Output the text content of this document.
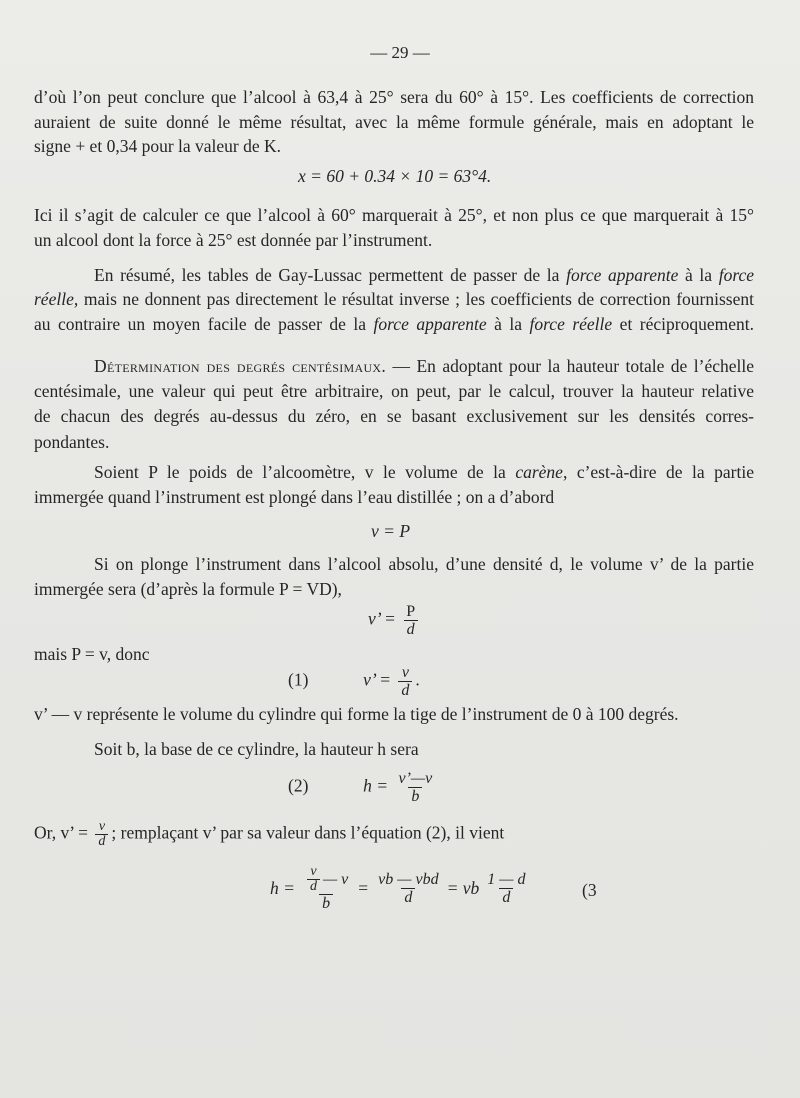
— 29 —
d’où l’on peut conclure que l’alcool à 63,4 à 25° sera du 60° à 15°. Les coefficients de correction
auraient de suite donné le même résultat, avec la même formule générale, mais en adoptant le
signe + et 0,34 pour la valeur de K.
x = 60 + 0.34 × 10 = 63°4.
Ici il s’agit de calculer ce que l’alcool à 60° marquerait à 25°, et non plus ce que marquerait à 15°
un alcool dont la force à 25° est donnée par l’instrument.
En résumé, les tables de Gay-Lussac permettent de passer de la force apparente à la force
réelle, mais ne donnent pas directement le résultat inverse ; les coefficients de correction fournissent
au contraire un moyen facile de passer de la force apparente à la force réelle et réciproquement.
Détermination des degrés centésimaux. — En adoptant pour la hauteur totale de l’échelle
centésimale, une valeur qui peut être arbitraire, on peut, par le calcul, trouver la hauteur relative
de chacun des degrés au-dessus du zéro, en se basant exclusivement sur les densités corres-
pondantes.
Soient P le poids de l’alcoomètre, v le volume de la carène, c’est-à-dire de la partie
immergée quand l’instrument est plongé dans l’eau distillée ; on a d’abord
v = P
Si on plonge l’instrument dans l’alcool absolu, d’une densité d, le volume v’ de la partie
immergée sera (d’après la formule P = VD),
v’ = $\frac{P}{d}$
mais P = v, donc
(1)	v’ = $\frac{v}{d}$ .
v’ — v représente le volume du cylindre qui forme la tige de l’instrument de 0 à 100 degrés.
Soit b, la base de ce cylindre, la hauteur h sera
(2)	$h = \frac{v’—v}{b}$
Or, v’ = $\frac{v}{d}$ ; remplaçant v’ par sa valeur dans l’équation (2), il vient
$h = \frac{\frac{v}{d} — v}{b} = \frac{\text{vb — vbd}}{d}$ = vb $\frac{1 — d}{d}$	(3
